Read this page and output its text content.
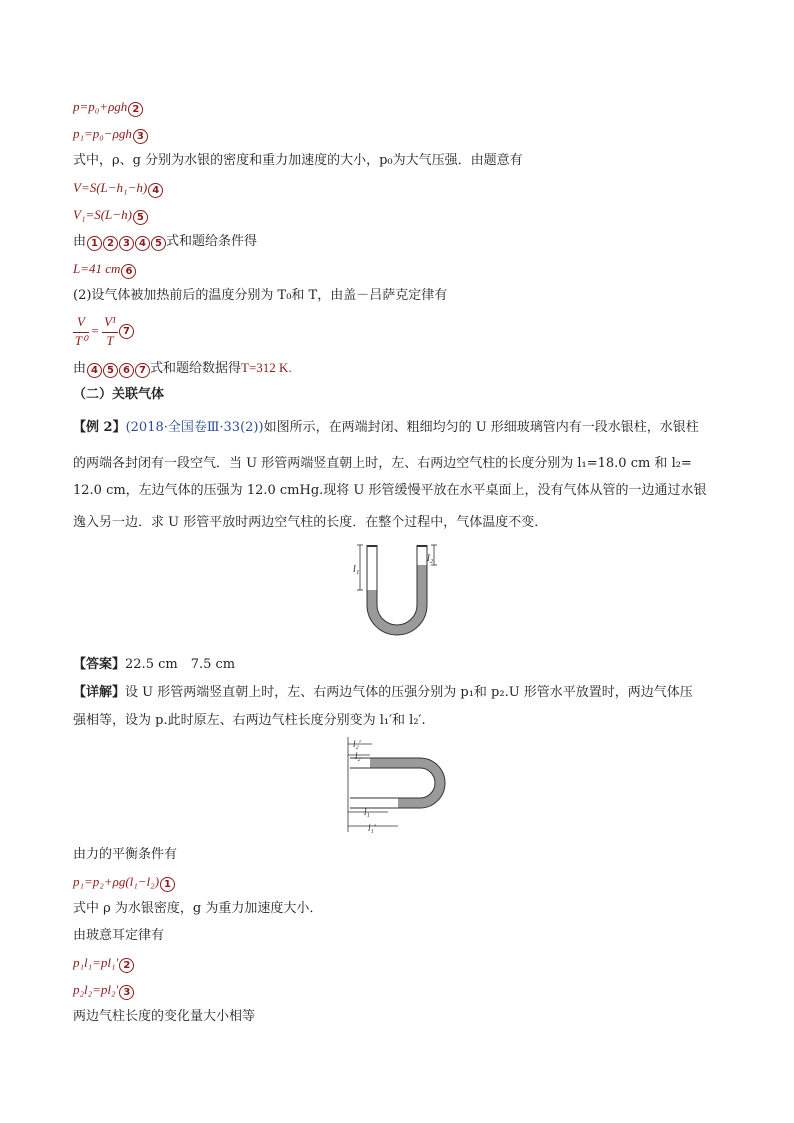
p=p₀+ρgh 2
p₁=p₀−ρgh 3
式中，ρ、g 分别为水银的密度和重力加速度的大小，p₀为大气压强．由题意有
V=S(L−h₁−h) 4
V₁=S(L−h) 5
由 1 2 3 4 5 式和题给条件得
L=41 cm 6
(2)设气体被加热前后的温度分别为 T₀和 T，由盖－吕萨克定律有
V
T⁰
=
V¹
T
7
由 4 5 6 7 式和题给数据得T=312 K.
（二）关联气体
【例 2】(2018·全国卷Ⅲ·33(2))如图所示，在两端封闭、粗细均匀的 U 形细玻璃管内有一段水银柱，水银柱
的两端各封闭有一段空气．当 U 形管两端竖直朝上时，左、右两边空气柱的长度分别为 l₁=18.0 cm 和 l₂=
12.0 cm，左边气体的压强为 12.0 cmHg.现将 U 形管缓慢平放在水平桌面上，没有气体从管的一边通过水银
逸入另一边．求 U 形管平放时两边空气柱的长度．在整个过程中，气体温度不变．
l₁
l₂
【答案】22.5 cm　7.5 cm
【详解】设 U 形管两端竖直朝上时，左、右两边气体的压强分别为 p₁和 p₂.U 形管水平放置时，两边气体压
强相等，设为 p.此时原左、右两边气柱长度分别变为 l₁′和 l₂′.
l₂′
l₂
l₁
l₁′
由力的平衡条件有
p₁=p₂+ρg(l₁−l₂) 1
式中 ρ 为水银密度，g 为重力加速度大小．
由玻意耳定律有
p₁l₁=pl₁′ 2
p₂l₂=pl₂′ 3
两边气柱长度的变化量大小相等
